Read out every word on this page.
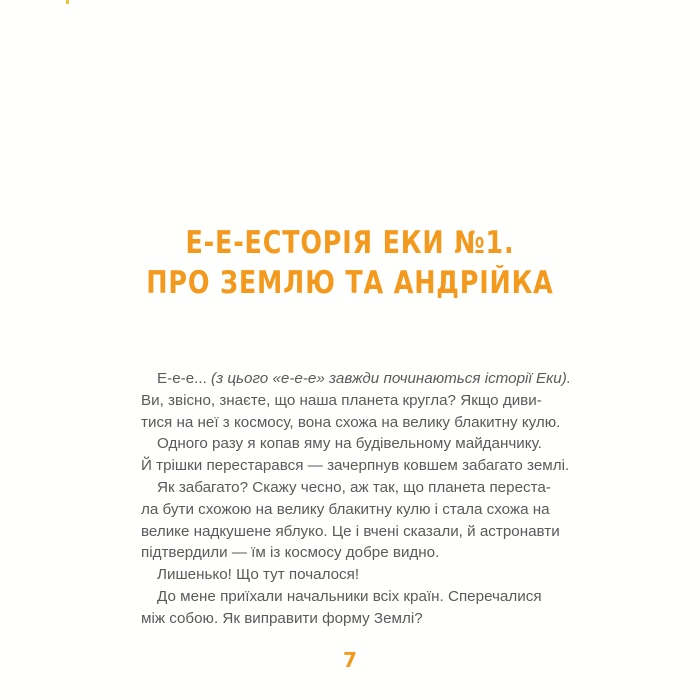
Е-Е-ЕСТОРІЯ ЕКИ №1.
ПРО ЗЕМЛЮ ТА АНДРІЙКА
Е-е-е... (з цього «е-е-е» завжди починаються історії Еки).
Ви, звісно, знаєте, що наша планета кругла? Якщо диви-
тися на неї з космосу, вона схожа на велику блакитну кулю.
Одного разу я копав яму на будівельному майданчику.
Й трішки перестарався — зачерпнув ковшем забагато землі.
Як забагато? Скажу чесно, аж так, що планета переста-
ла бути схожою на велику блакитну кулю і стала схожа на
велике надкушене яблуко. Це і вчені сказали, й астронавти
підтвердили — їм із космосу добре видно.
Лишенько! Що тут почалося!
До мене приїхали начальники всіх країн. Сперечалися
між собою. Як виправити форму Землі?
7
